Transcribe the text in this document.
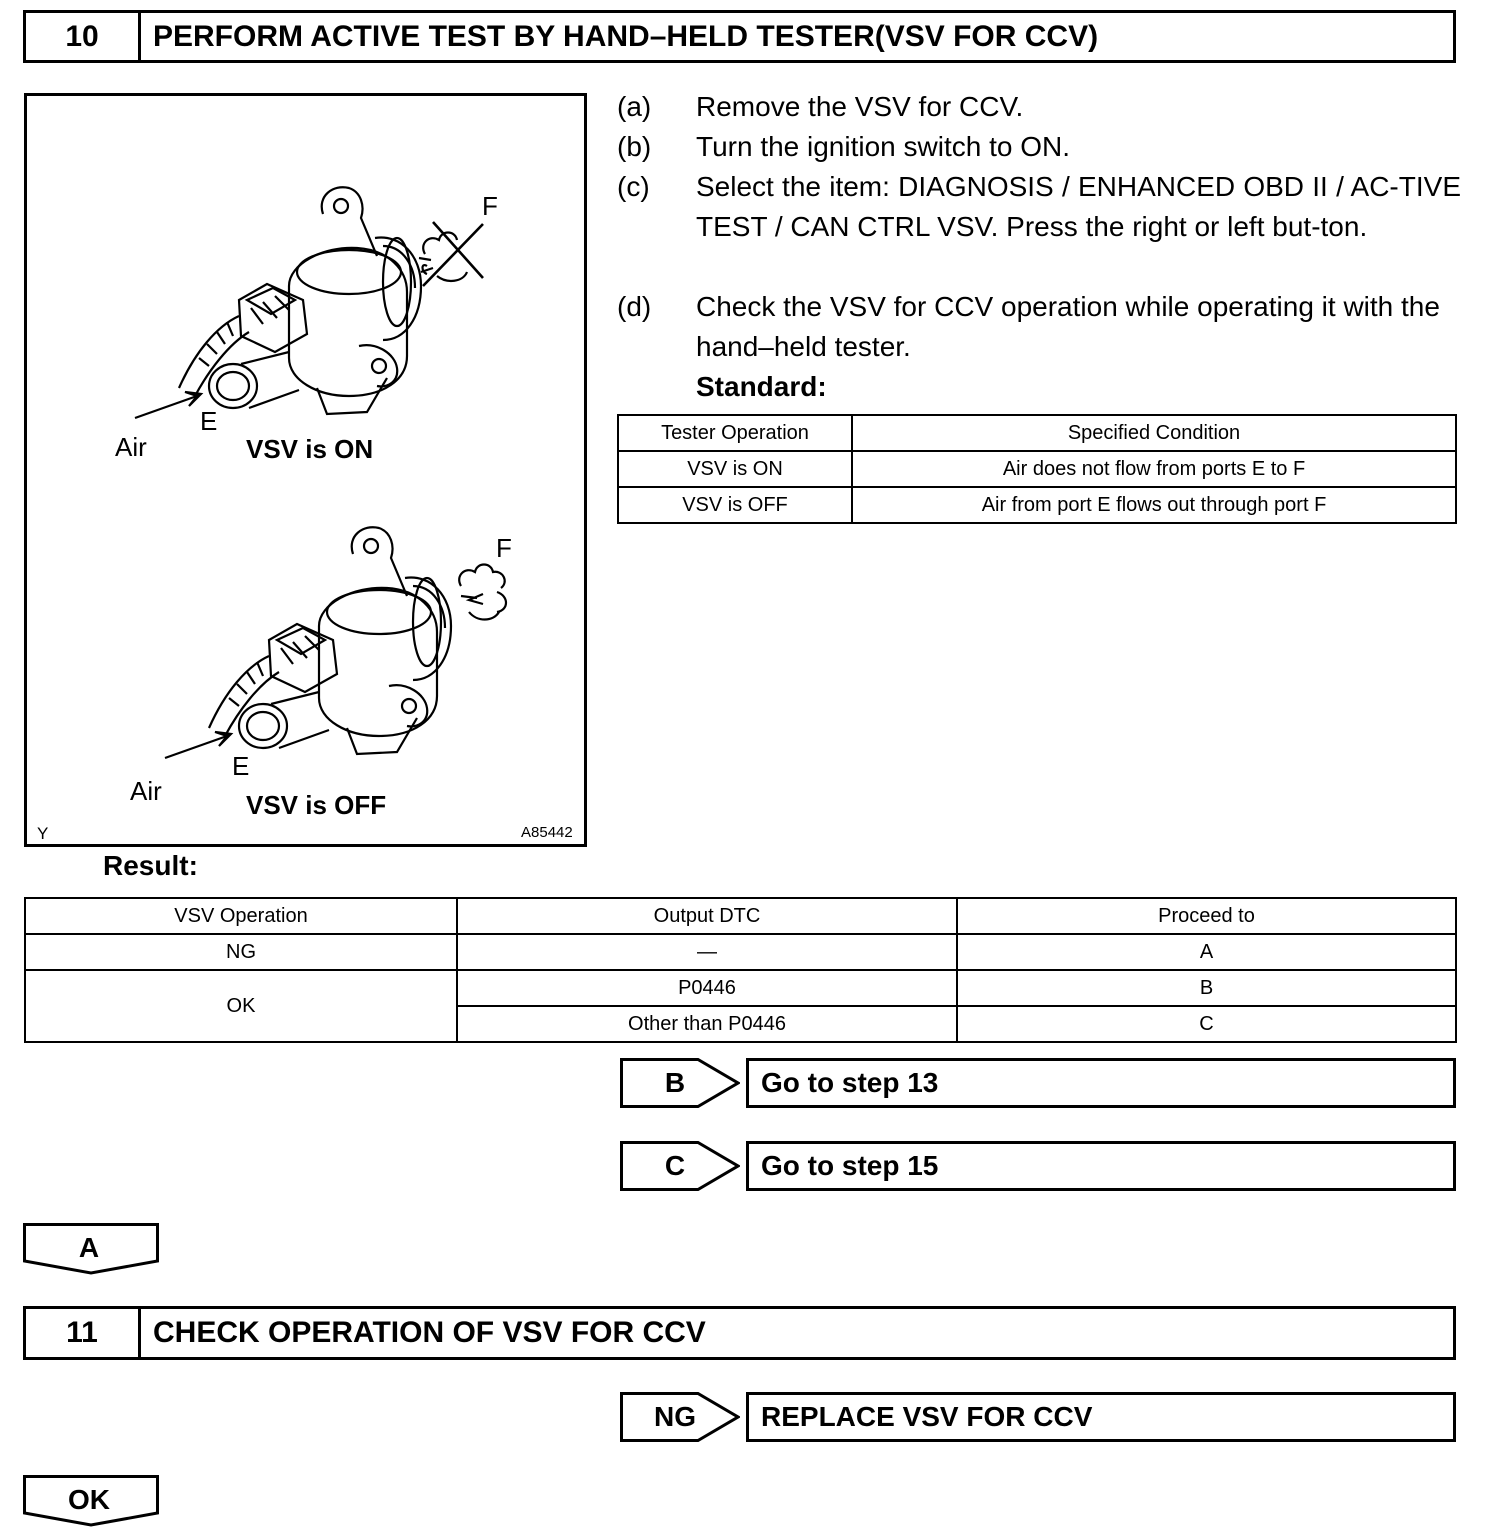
10	PERFORM ACTIVE TEST BY HAND–HELD TESTER(VSV FOR CCV)
F
E
Air	VSV is ON
F
E
Air	VSV is OFF
Y	A85442
(a)	Remove the VSV for CCV.
(b)	Turn the ignition switch to ON.
(c)	Select the item: DIAGNOSIS / ENHANCED OBD II / AC-TIVE TEST / CAN CTRL VSV. Press the right or left but-ton.
(d)	Check the VSV for CCV operation while operating it with the hand–held tester.
Standard:
Tester Operation	Specified Condition
VSV is ON	Air does not flow from ports E to F
VSV is OFF	Air from port E flows out through port F
Result:
VSV Operation	Output DTC	Proceed to
NG	—	A
OK	P0446	B
	Other than P0446	C
B	Go to step 13
C	Go to step 15
A
11	CHECK OPERATION OF VSV FOR CCV
NG	REPLACE VSV FOR CCV
OK
